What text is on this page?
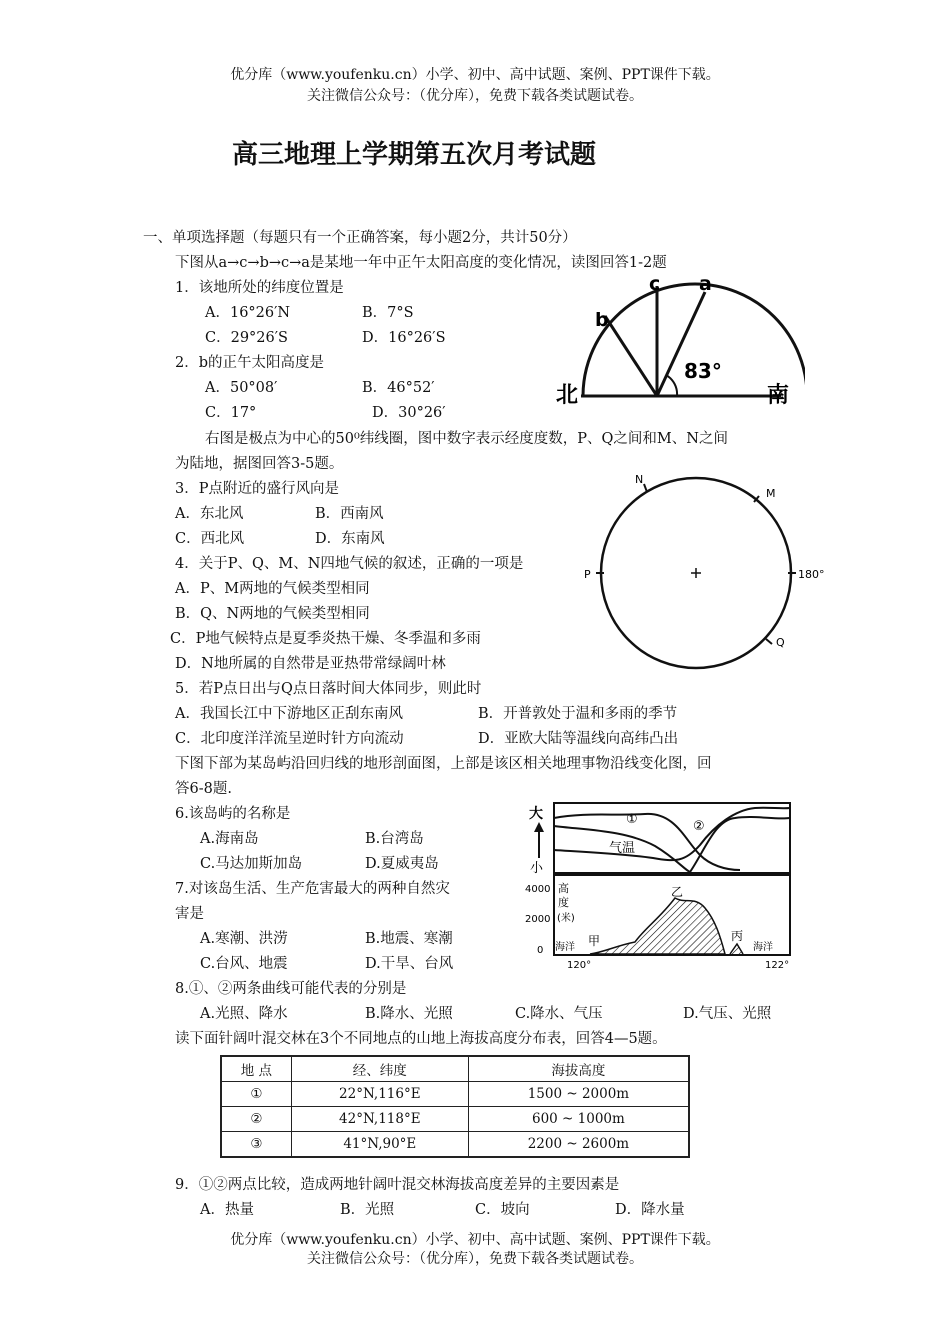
优分库（www.youfenku.cn）小学、初中、高中试题、案例、PPT课件下载。
关注微信公众号：（优分库），免费下载各类试题试卷。
高三地理上学期第五次月考试题
一、单项选择题（每题只有一个正确答案，每小题2分，共计50分）
下图从a→c→b→c→a是某地一年中正午太阳高度的变化情况，读图回答1-2题
1．该地所处的纬度位置是
A．16°26′N	B．7°S
C．29°26′S	D．16°26′S
2．b的正午太阳高度是
A．50°08′	B．46°52′
C．17°	D．30°26′
c a
b
83°
北	南
右图是极点为中心的50⁰纬线圈，图中数字表示经度度数，P、Q之间和M、N之间
为陆地，据图回答3-5题。
3．P点附近的盛行风向是
A．东北风	B．西南风
C．西北风	D．东南风
4．关于P、Q、M、N四地气候的叙述，正确的一项是
A．P、M两地的气候类型相同
B．Q、N两地的气候类型相同
C．P地气候特点是夏季炎热干燥、冬季温和多雨
D．N地所属的自然带是亚热带常绿阔叶林
N
M
P	180°
Q
5．若P点日出与Q点日落时间大体同步，则此时
A．我国长江中下游地区正刮东南风	B．开普敦处于温和多雨的季节
C．北印度洋洋流呈逆时针方向流动	D．亚欧大陆等温线向高纬凸出
下图下部为某岛屿沿回归线的地形剖面图，上部是该区相关地理事物沿线变化图，回
答6-8题.
6.该岛屿的名称是
A.海南岛	B.台湾岛
C.马达加斯加岛	D.夏威夷岛
7.对该岛生活、生产危害最大的两种自然灾
害是
A.寒潮、洪涝	B.地震、寒潮
C.台风、地震	D.干旱、台风
大
小
①	②
气温
4000
2000
0
高
度
(米)
海洋	海洋
甲
乙
丙
120°	122°
8.①、②两条曲线可能代表的分别是
A.光照、降水	B.降水、光照	C.降水、气压	D.气压、光照
读下面针阔叶混交林在3个不同地点的山地上海拔高度分布表，回答4—5题。
地 点	经、纬度	海拔高度
①	22°N,116°E	1500 ~ 2000m
②	42°N,118°E	600 ~ 1000m
③	41°N,90°E	2200 ~ 2600m
9．①②两点比较，造成两地针阔叶混交林海拔高度差异的主要因素是
A．热量	B．光照	C．坡向	D．降水量
优分库（www.youfenku.cn）小学、初中、高中试题、案例、PPT课件下载。
关注微信公众号：（优分库），免费下载各类试题试卷。
